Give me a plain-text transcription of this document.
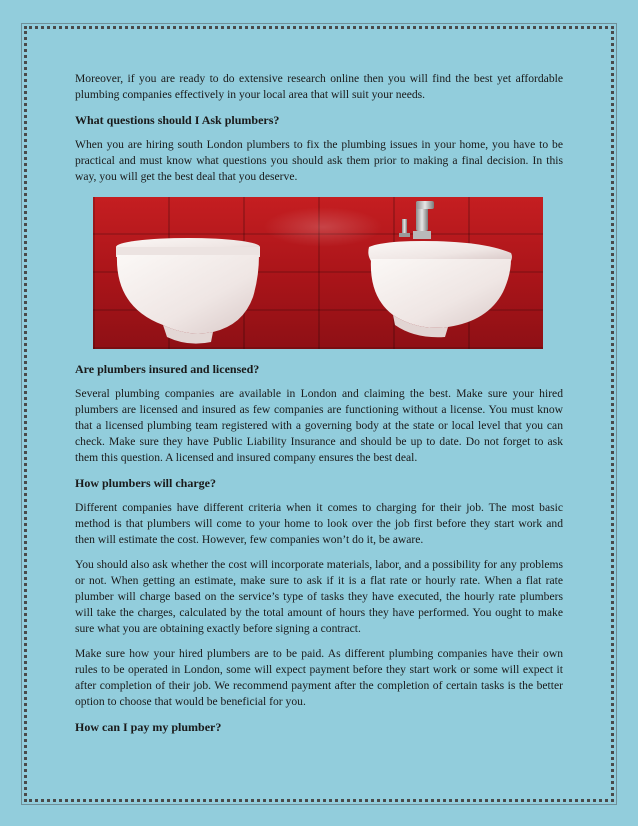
Moreover, if you are ready to do extensive research online then you will find the best yet affordable plumbing companies effectively in your local area that will suit your needs.

What questions should I Ask plumbers?

When you are hiring south London plumbers to fix the plumbing issues in your home, you have to be practical and must know what questions you should ask them prior to making a final decision. In this way, you will get the best deal that you deserve.

Are plumbers insured and licensed?

Several plumbing companies are available in London and claiming the best. Make sure your hired plumbers are licensed and insured as few companies are functioning without a license. You must know that a licensed plumbing team registered with a governing body at the state or local level that you can check. Make sure they have Public Liability Insurance and should be up to date. Do not forget to ask them this question. A licensed and insured company ensures the best deal.

How plumbers will charge?

Different companies have different criteria when it comes to charging for their job. The most basic method is that plumbers will come to your home to look over the job first before they start work and then will estimate the cost. However, few companies won’t do it, be aware.

You should also ask whether the cost will incorporate materials, labor, and a possibility for any problems or not. When getting an estimate, make sure to ask if it is a flat rate or hourly rate. When a flat rate plumber will charge based on the service’s type of tasks they have executed, the hourly rate plumbers will take the charges, calculated by the total amount of hours they have performed. You ought to make sure what you are obtaining exactly before signing a contract.

Make sure how your hired plumbers are to be paid. As different plumbing companies have their own rules to be operated in London, some will expect payment before they start work or some will expect it after completion of their job. We recommend payment after the completion of certain tasks is the better option to choose that would be beneficial for you.

How can I pay my plumber?
